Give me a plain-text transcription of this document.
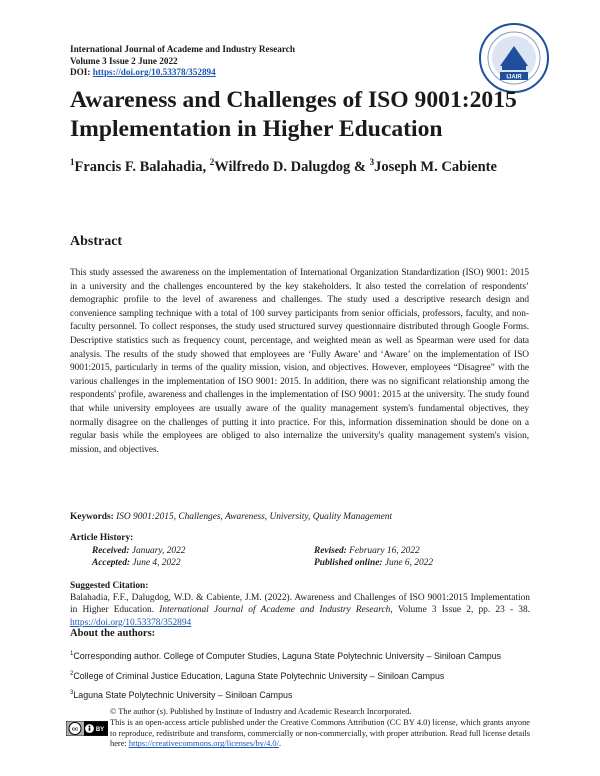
International Journal of Academe and Industry Research
Volume 3 Issue 2 June 2022
DOI: https://doi.org/10.53378/352894
IJAIR
Awareness and Challenges of ISO 9001:2015 Implementation in Higher Education
$^1$Francis F. Balahadia, $^2$Wilfredo D. Dalugdog & $^3$Joseph M. Cabiente
Abstract

This study assessed the awareness on the implementation of International Organization Standardization (ISO) 9001: 2015 in a university and the challenges encountered by the key stakeholders. It also tested the correlation of respondents’ demographic profile to the level of awareness and challenges. The study used a descriptive research design and convenience sampling technique with a total of 100 survey participants from senior officials, professors, faculty, and non-faculty personnel. To collect responses, the study used structured survey questionnaire distributed through Google Forms. Descriptive statistics such as frequency count, percentage, and weighted mean as well as Spearman were used for data analysis. The results of the study showed that employees are ‘Fully Aware’ and ‘Aware’ on the implementation of ISO 9001:2015, particularly in terms of the quality mission, vision, and objectives. However, employees “Disagree” with the various challenges in the implementation of ISO 9001: 2015. In addition, there was no significant relationship among the respondents' profile, awareness and challenges in the implementation of ISO 9001: 2015 at the university. The study found that while university employees are usually aware of the quality management system's fundamental objectives, they normally disagree on the challenges of putting it into practice. For this, information dissemination should be done on a regular basis while the employees are obliged to also internalize the university's quality management system's vision, mission, and objectives.

Keywords: ISO 9001:2015, Challenges, Awareness, University, Quality Management
Article History:
Received: January, 2022	Revised: February 16, 2022
Accepted: June 4, 2022	Published online: June 6, 2022
Suggested Citation:
Balahadia, F.F., Dalugdog, W.D. & Cabiente, J.M. (2022). Awareness and Challenges of ISO 9001:2015 Implementation in Higher Education. International Journal of Academe and Industry Research, Volume 3 Issue 2, pp. 23 - 38. https://doi.org/10.53378/352894
About the authors:
$^1$Corresponding author. College of Computer Studies, Laguna State Polytechnic University – Siniloan Campus
$^2$College of Criminal Justice Education, Laguna State Polytechnic University – Siniloan Campus
$^3$Laguna State Polytechnic University – Siniloan Campus
cc	BY
© The author (s). Published by Institute of Industry and Academic Research Incorporated.
This is an open-access article published under the Creative Commons Attribution (CC BY 4.0) license, which grants anyone to reproduce, redistribute and transform, commercially or non-commercially, with proper attribution. Read full license details here: https://creativecommons.org/licenses/by/4.0/.
